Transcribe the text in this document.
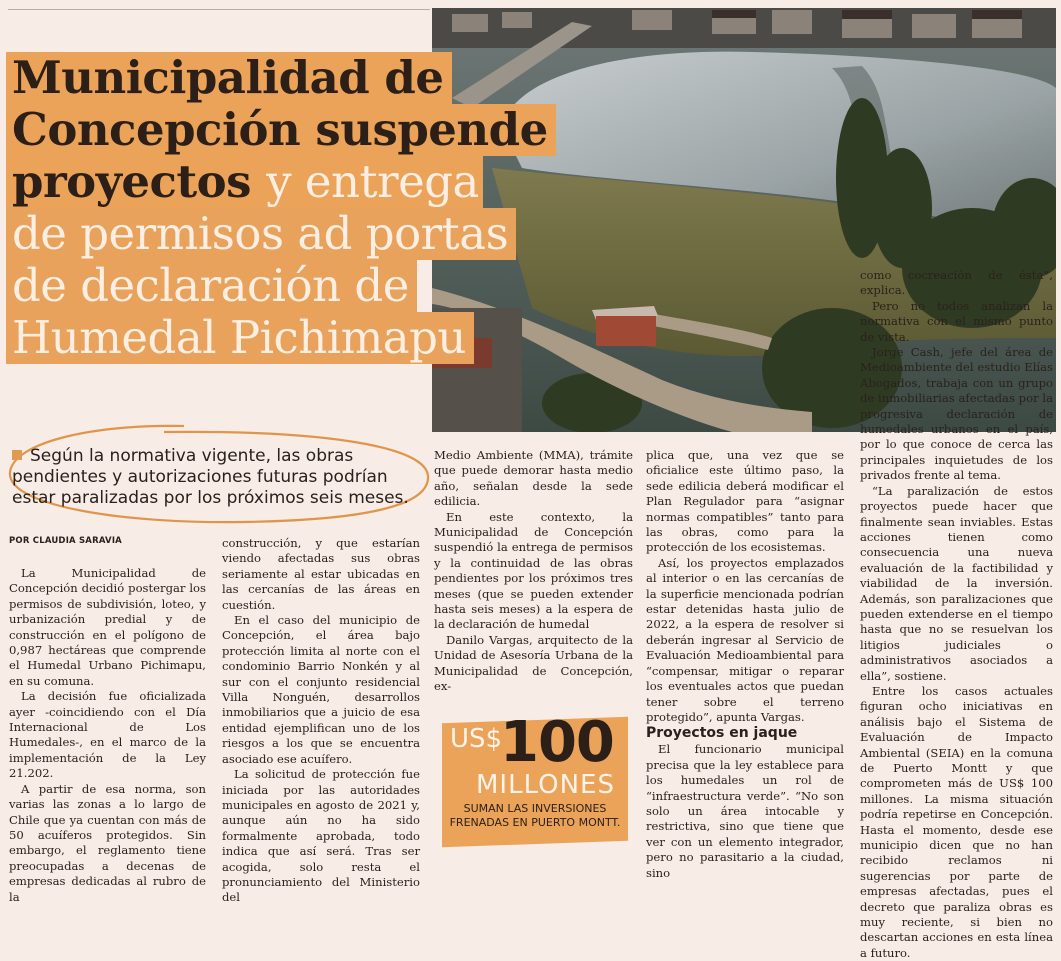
Municipalidad de
Concepción suspende
proyectos y entrega
de permisos ad portas
de declaración de
Humedal Pichimapu
Según la normativa vigente, las obras pendientes y autorizaciones futuras podrían estar paralizadas por los próximos seis meses.
POR CLAUDIA SARAVIA

La Municipalidad de Concepción decidió postergar los permisos de subdivisión, loteo, y urbanización predial y de construcción en el polígono de 0,987 hectáreas que comprende el Humedal Urbano Pichimapu, en su comuna.

La decisión fue oficializada ayer -coincidiendo con el Día Internacional de Los Humedales-, en el marco de la implementación de la Ley 21.202.

A partir de esa norma, son varias las zonas a lo largo de Chile que ya cuentan con más de 50 acuíferos protegidos. Sin embargo, el reglamento tiene preocupadas a decenas de empresas dedicadas al rubro de la

construcción, y que estarían viendo afectadas sus obras seriamente al estar ubicadas en las cercanías de las áreas en cuestión.

En el caso del municipio de Concepción, el área bajo protección limita al norte con el condominio Barrio Nonkén y al sur con el conjunto residencial Villa Nonguén, desarrollos inmobiliarios que a juicio de esa entidad ejemplifican uno de los riesgos a los que se encuentra asociado ese acuífero.

La solicitud de protección fue iniciada por las autoridades municipales en agosto de 2021 y, aunque aún no ha sido formalmente aprobada, todo indica que así será. Tras ser acogida, solo resta el pronunciamiento del Ministerio del

Medio Ambiente (MMA), trámite que puede demorar hasta medio año, señalan desde la sede edilicia.

En este contexto, la Municipalidad de Concepción suspendió la entrega de permisos y la continuidad de las obras pendientes por los próximos tres meses (que se pueden extender hasta seis meses) a la espera de la declaración de humedal

Danilo Vargas, arquitecto de la Unidad de Asesoría Urbana de la Municipalidad de Concepción, ex-

US$
100
MILLONES
SUMAN LAS INVERSIONES FRENADAS EN PUERTO MONTT.

plica que, una vez que se oficialice este último paso, la sede edilicia deberá modificar el Plan Regulador para “asignar normas compatibles” tanto para las obras, como para la protección de los ecosistemas.

Así, los proyectos emplazados al interior o en las cercanías de la superficie mencionada podrían estar detenidas hasta julio de 2022, a la espera de resolver si deberán ingresar al Servicio de Evaluación Medioambiental para “compensar, mitigar o reparar los eventuales actos que puedan tener sobre el terreno protegido”, apunta Vargas.

Proyectos en jaque

El funcionario municipal precisa que la ley establece para los humedales un rol de “infraestructura verde”. “No son solo un área intocable y restrictiva, sino que tiene que ver con un elemento integrador, pero no parasitario a la ciudad, sino

como cocreación de ésta”, explica.

Pero no todos analizan la normativa con el mismo punto de vista.

Jorge Cash, jefe del área de Medioambiente del estudio Elías Abogados, trabaja con un grupo de inmobiliarias afectadas por la progresiva declaración de humedales urbanos en el país, por lo que conoce de cerca las principales inquietudes de los privados frente al tema.

“La paralización de estos proyectos puede hacer que finalmente sean inviables. Estas acciones tienen como consecuencia una nueva evaluación de la factibilidad y viabilidad de la inversión. Además, son paralizaciones que pueden extenderse en el tiempo hasta que no se resuelvan los litigios judiciales o administrativos asociados a ella”, sostiene.

Entre los casos actuales figuran ocho iniciativas en análisis bajo el Sistema de Evaluación de Impacto Ambiental (SEIA) en la comuna de Puerto Montt y que comprometen más de US$ 100 millones. La misma situación podría repetirse en Concepción. Hasta el momento, desde ese municipio dicen que no han recibido reclamos ni sugerencias por parte de empresas afectadas, pues el decreto que paraliza obras es muy reciente, si bien no descartan acciones en esta línea a futuro.
